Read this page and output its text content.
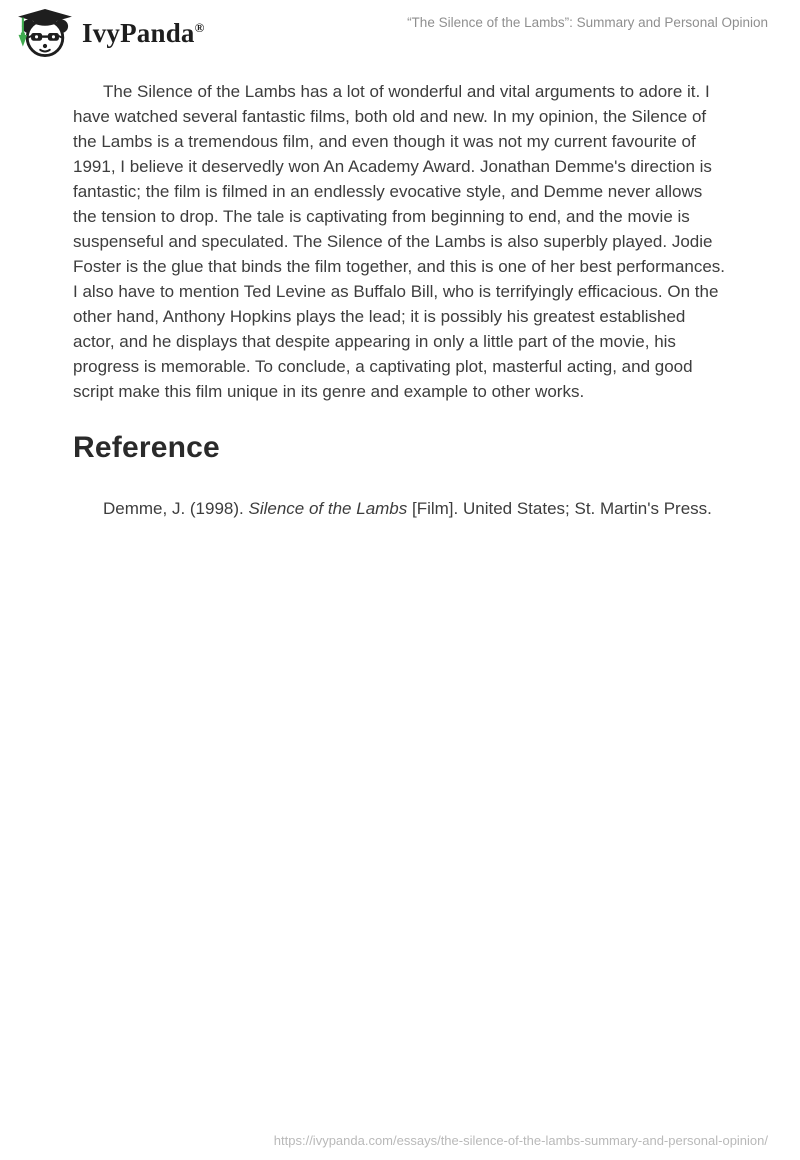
IvyPanda®	“The Silence of the Lambs”: Summary and Personal Opinion

The Silence of the Lambs has a lot of wonderful and vital arguments to adore it. I have watched several fantastic films, both old and new. In my opinion, the Silence of the Lambs is a tremendous film, and even though it was not my current favourite of 1991, I believe it deservedly won An Academy Award. Jonathan Demme's direction is fantastic; the film is filmed in an endlessly evocative style, and Demme never allows the tension to drop. The tale is captivating from beginning to end, and the movie is suspenseful and speculated. The Silence of the Lambs is also superbly played. Jodie Foster is the glue that binds the film together, and this is one of her best performances. I also have to mention Ted Levine as Buffalo Bill, who is terrifyingly efficacious. On the other hand, Anthony Hopkins plays the lead; it is possibly his greatest established actor, and he displays that despite appearing in only a little part of the movie, his progress is memorable. To conclude, a captivating plot, masterful acting, and good script make this film unique in its genre and example to other works.

Reference

Demme, J. (1998). Silence of the Lambs [Film]. United States; St. Martin's Press.

https://ivypanda.com/essays/the-silence-of-the-lambs-summary-and-personal-opinion/
